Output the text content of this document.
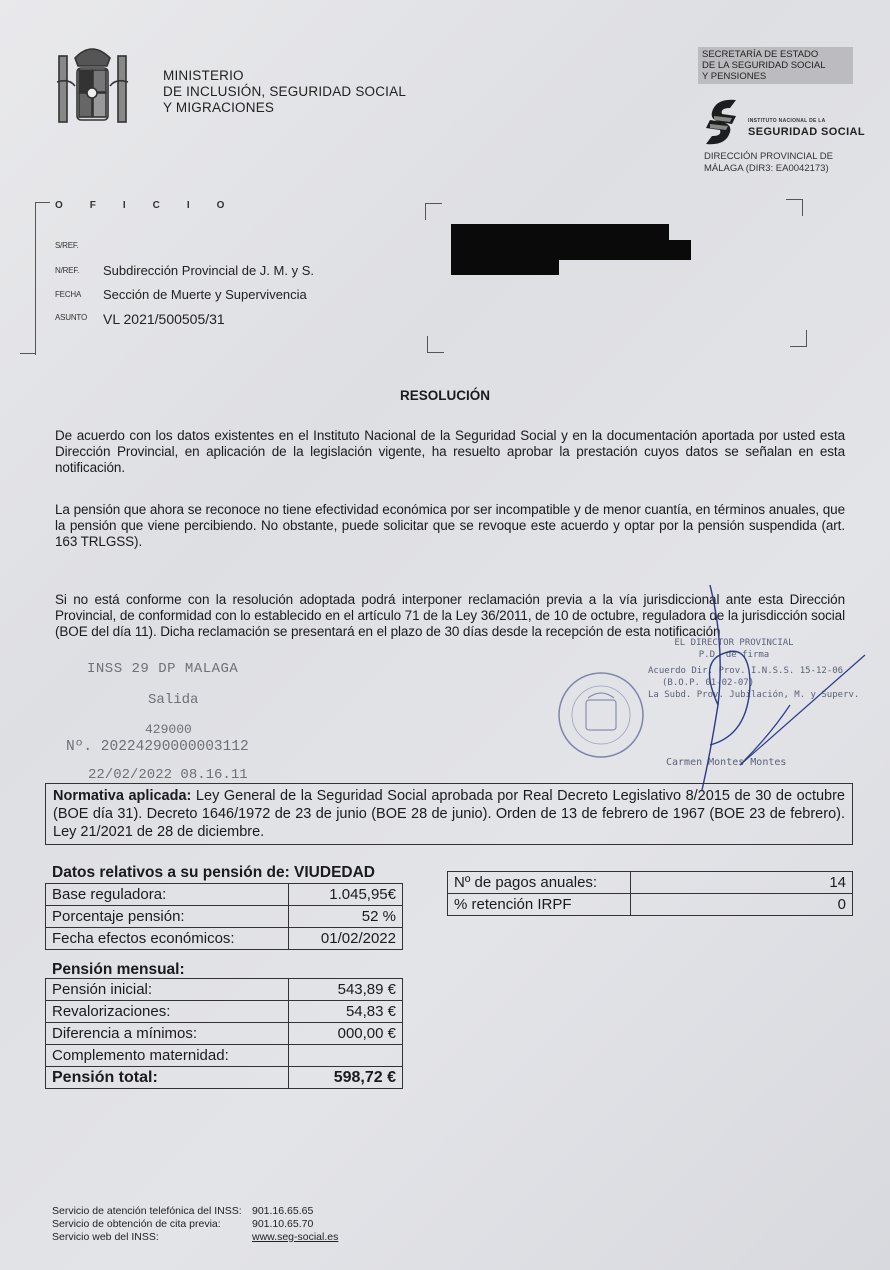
MINISTERIO
DE INCLUSIÓN, SEGURIDAD SOCIAL
Y MIGRACIONES
SECRETARÍA DE ESTADO
DE LA SEGURIDAD SOCIAL
Y PENSIONES
INSTITUTO NACIONAL DE LA
SEGURIDAD SOCIAL
DIRECCIÓN PROVINCIAL DE
MÁLAGA (DIR3: EA0042173)
OFICIO
S/REF.
N/REF. Subdirección Provincial de J. M. y S.
FECHA Sección de Muerte y Supervivencia
ASUNTO VL 2021/500505/31
RESOLUCIÓN
De acuerdo con los datos existentes en el Instituto Nacional de la Seguridad Social y en la documentación aportada por usted esta Dirección Provincial, en aplicación de la legislación vigente, ha resuelto aprobar la prestación cuyos datos se señalan en esta notificación.
La pensión que ahora se reconoce no tiene efectividad económica por ser incompatible y de menor cuantía, en términos anuales, que la pensión que viene percibiendo. No obstante, puede solicitar que se revoque este acuerdo y optar por la pensión suspendida (art. 163 TRLGSS).
Si no está conforme con la resolución adoptada podrá interponer reclamación previa a la vía jurisdiccional ante esta Dirección Provincial, de conformidad con lo establecido en el artículo 71 de la Ley 36/2011, de 10 de octubre, reguladora de la jurisdicción social (BOE del día 11). Dicha reclamación se presentará en el plazo de 30 días desde la recepción de esta notificación
INSS 29 DP MALAGA
Salida
429000
Nº. 20224290000003112
22/02/2022 08.16.11
EL DIRECTOR PROVINCIAL
P.D. de firma
Acuerdo Dir. Prov. I.N.S.S. 15-12-06
(B.O.P. 01-02-07)
La Subd. Prov. Jubilación, M. y Superv.
Carmen Montes Montes
Normativa aplicada: Ley General de la Seguridad Social aprobada por Real Decreto Legislativo 8/2015 de 30 de octubre (BOE día 31). Decreto 1646/1972 de 23 de junio (BOE 28 de junio). Orden de 13 de febrero de 1967 (BOE 23 de febrero). Ley 21/2021 de 28 de diciembre.
Datos relativos a su pensión de: VIUDEDAD
Base reguladora:	1.045,95€
Porcentaje pensión:	52 %
Fecha efectos económicos:	01/02/2022
Nº de pagos anuales:	14
% retención IRPF	0
Pensión mensual:
Pensión inicial:	543,89 €
Revalorizaciones:	54,83 €
Diferencia a mínimos:	000,00 €
Complemento maternidad:	
Pensión total:	598,72 €
Servicio de atención telefónica del INSS: 901.16.65.65
Servicio de obtención de cita previa:	901.10.65.70
Servicio web del INSS:	www.seg-social.es
